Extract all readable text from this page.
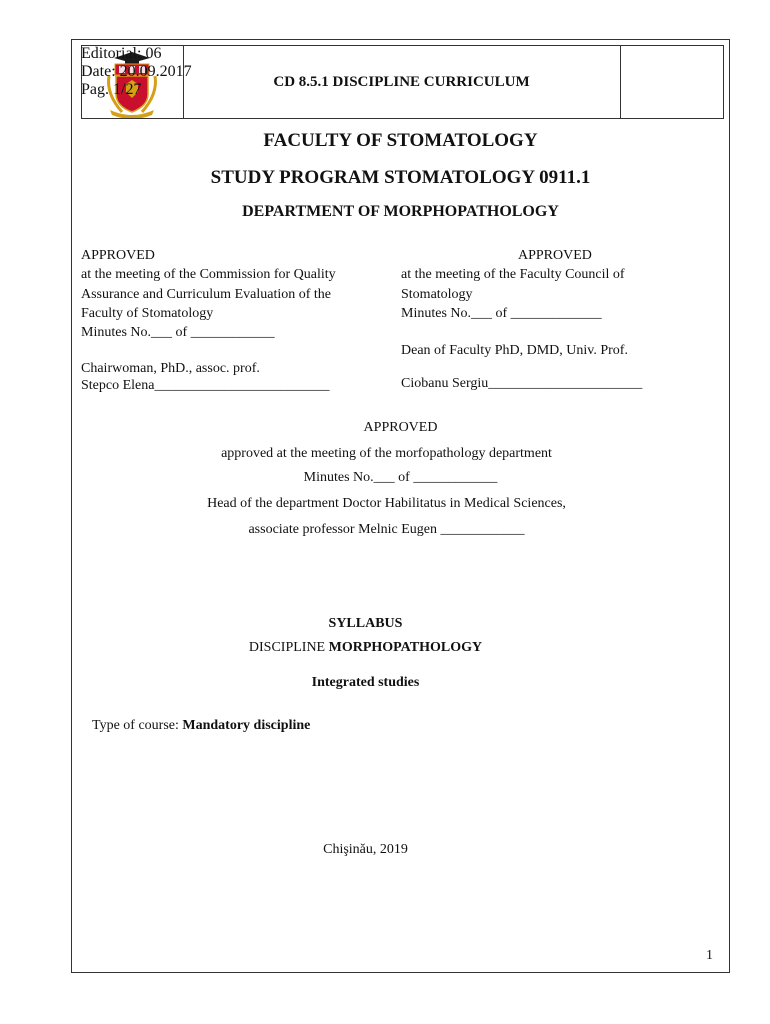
CD 8.5.1 DISCIPLINE CURRICULUM
Editorial: 06
Date: 20.09.2017
Pag. 1/27
FACULTY OF STOMATOLOGY
STUDY PROGRAM STOMATOLOGY 0911.1
DEPARTMENT OF MORPHOPATHOLOGY
APPROVED
at the meeting of the Commission for Quality
Assurance and Curriculum Evaluation of the
Faculty of Stomatology
Minutes No.___ of ____________
Chairwoman, PhD., assoc. prof.
Stepco Elena_________________________
APPROVED
at the meeting of the Faculty Council of
Stomatology
Minutes No.___ of _____________
Dean of Faculty PhD, DMD, Univ. Prof.
Ciobanu Sergiu______________________
APPROVED
approved at the meeting of the morfopathology department
Minutes No.___ of ____________
Head of the department Doctor Habilitatus in Medical Sciences,
associate professor Melnic Eugen ____________
SYLLABUS
DISCIPLINE MORPHOPATHOLOGY
Integrated studies
Type of course: Mandatory discipline
Chişinău, 2019
1
